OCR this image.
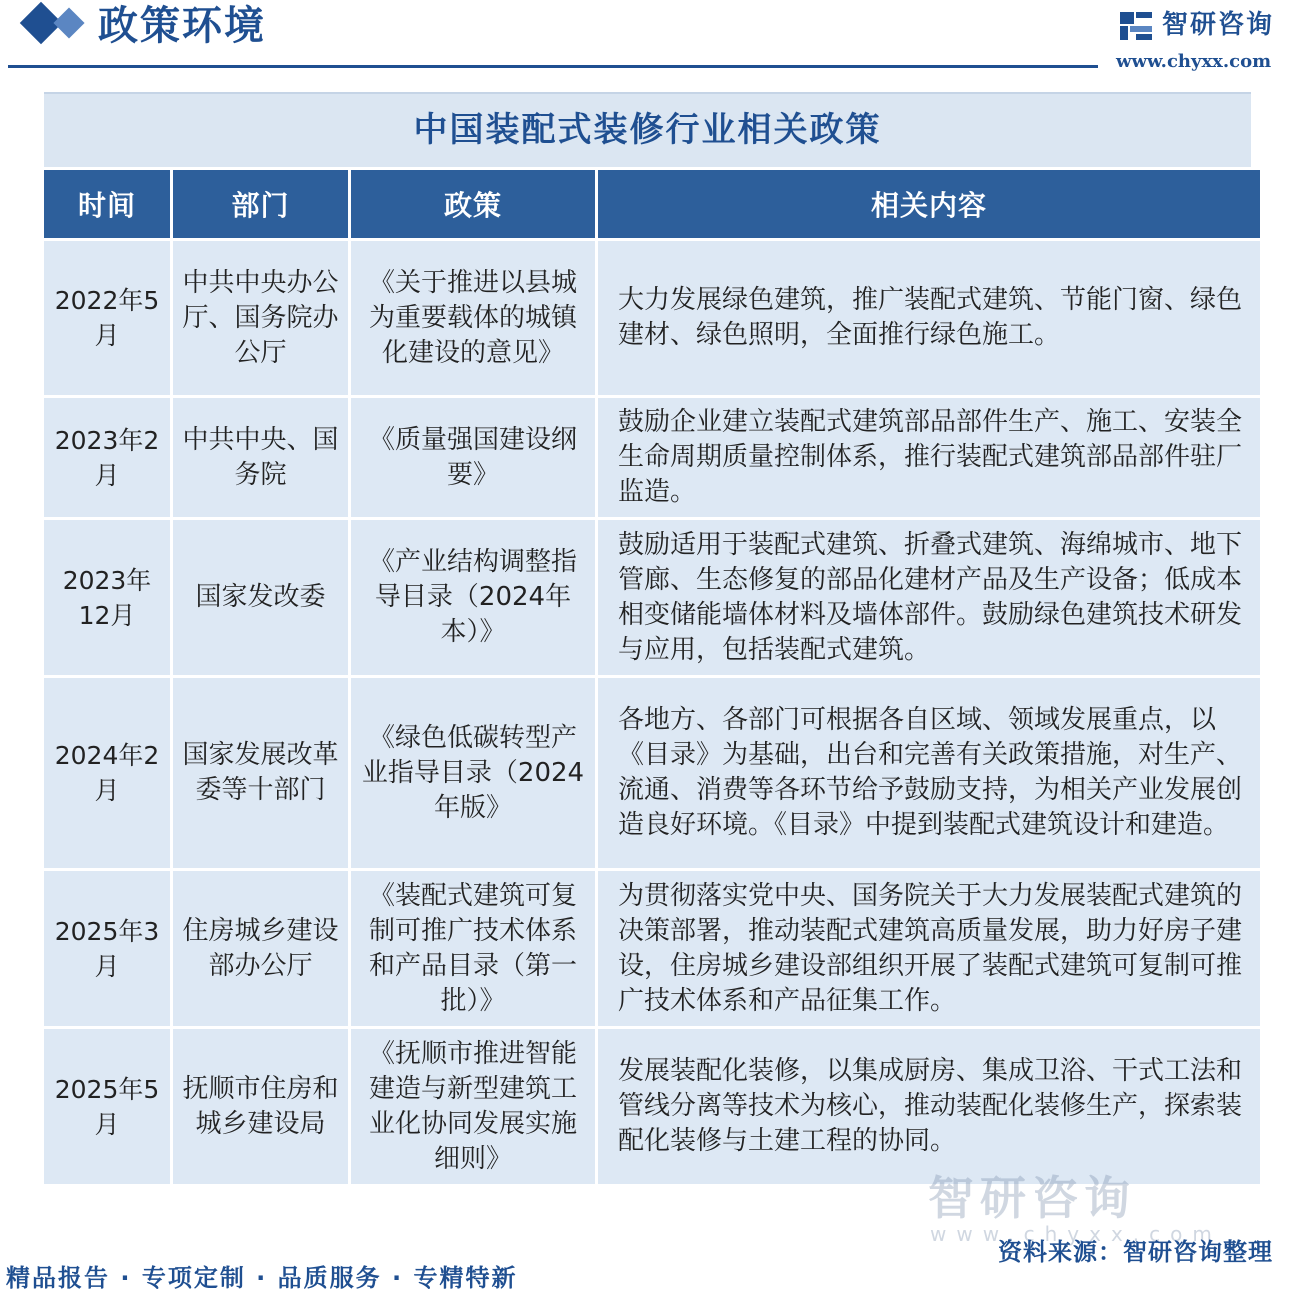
政策环境	智研咨询
www.chyxx.com
中国装配式装修行业相关政策
时间	部门	政策	相关内容
2022年5月	中共中央办公厅、国务院办公厅	《关于推进以县城为重要载体的城镇化建设的意见》	大力发展绿色建筑，推广装配式建筑、节能门窗、绿色建材、绿色照明，全面推行绿色施工。
2023年2月	中共中央、国务院	《质量强国建设纲要》	鼓励企业建立装配式建筑部品部件生产、施工、安装全生命周期质量控制体系，推行装配式建筑部品部件驻厂监造。
2023年12月	国家发改委	《产业结构调整指导目录（2024年本）》	鼓励适用于装配式建筑、折叠式建筑、海绵城市、地下管廊、生态修复的部品化建材产品及生产设备；低成本相变储能墙体材料及墙体部件。鼓励绿色建筑技术研发与应用，包括装配式建筑。
2024年2月	国家发展改革委等十部门	《绿色低碳转型产业指导目录（2024年版》	各地方、各部门可根据各自区域、领域发展重点，以《目录》为基础，出台和完善有关政策措施，对生产、流通、消费等各环节给予鼓励支持，为相关产业发展创造良好环境。《目录》中提到装配式建筑设计和建造。
2025年3月	住房城乡建设部办公厅	《装配式建筑可复制可推广技术体系和产品目录（第一批）》	为贯彻落实党中央、国务院关于大力发展装配式建筑的决策部署，推动装配式建筑高质量发展，助力好房子建设，住房城乡建设部组织开展了装配式建筑可复制可推广技术体系和产品征集工作。
2025年5月	抚顺市住房和城乡建设局	《抚顺市推进智能建造与新型建筑工业化协同发展实施细则》	发展装配化装修，以集成厨房、集成卫浴、干式工法和管线分离等技术为核心，推动装配化装修生产，探索装配化装修与土建工程的协同。
智研咨询
www.chyxx.com
资料来源：智研咨询整理
精品报告 · 专项定制 · 品质服务 · 专精特新
